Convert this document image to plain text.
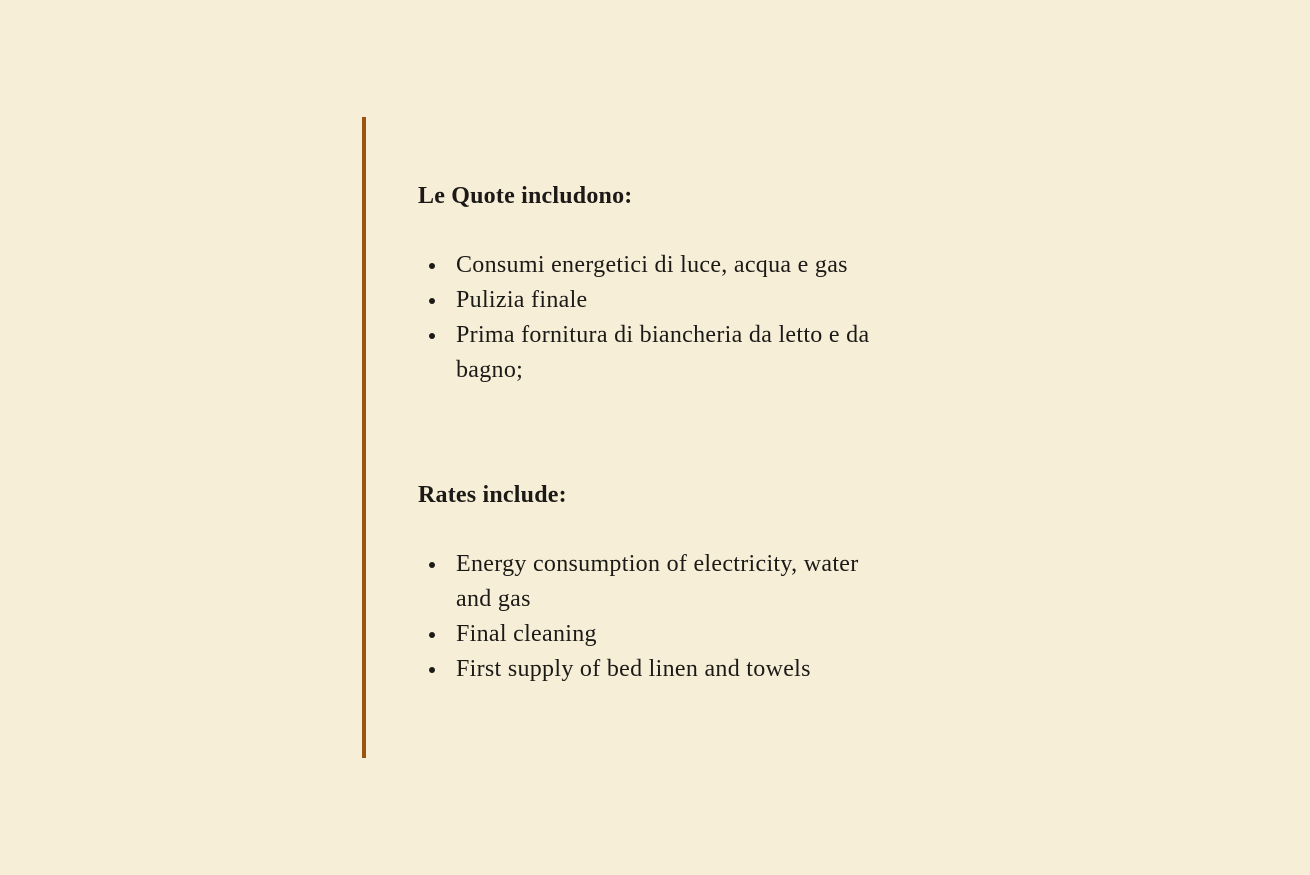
Le Quote includono:
Consumi energetici di luce, acqua e gas
Pulizia finale
Prima fornitura di biancheria da letto e da bagno;
Rates include:
Energy consumption of electricity, water and gas
Final cleaning
First supply of bed linen and towels
